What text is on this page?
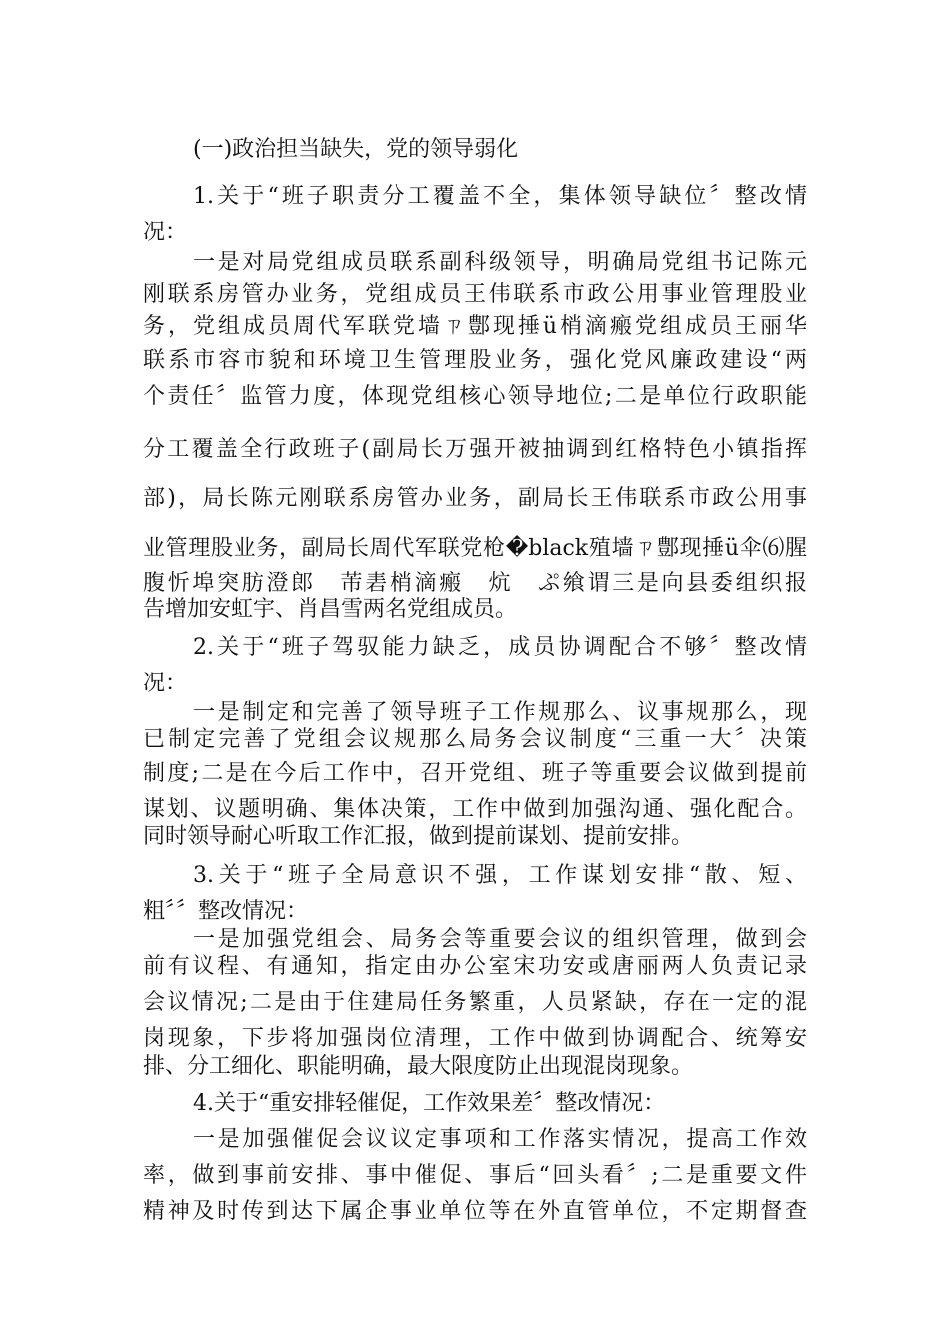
(一)政治担当缺失，党的领导弱化
1.关于“班子职责分工覆盖不全，集体领导缺位〞整改情
况：
一是对局党组成员联系副科级领导，明确局党组书记陈元
刚联系房管办业务，党组成员王伟联系市政公用事业管理股业
务，党组成员周代军联党墙ㄗ鄷现捶ü梢滴瘢党组成员王丽华
联系市容市貌和环境卫生管理股业务，强化党风廉政建设“两
个责任〞监管力度，体现党组核心领导地位;二是单位行政职能
分工覆盖全行政班子(副局长万强开被抽调到红格特色小镇指挥
部)，局长陈元刚联系房管办业务，副局长王伟联系市政公用事
业管理股业务，副局长周代军联党枪�black殖墙ㄗ鄷现捶ü伞⑹腥
腹忻埠突肪澄郎　芾砉梢滴瘢　炕　ぷ飨谓三是向县委组织报
告增加安虹宇、肖昌雪两名党组成员。
2.关于“班子驾驭能力缺乏，成员协调配合不够〞整改情
况：
一是制定和完善了领导班子工作规那么、议事规那么，现
已制定完善了党组会议规那么局务会议制度“三重一大〞决策
制度;二是在今后工作中，召开党组、班子等重要会议做到提前
谋划、议题明确、集体决策，工作中做到加强沟通、强化配合。
同时领导耐心听取工作汇报，做到提前谋划、提前安排。
3.关于“班子全局意识不强，工作谋划安排“散、短、
粗〞〞整改情况：
一是加强党组会、局务会等重要会议的组织管理，做到会
前有议程、有通知，指定由办公室宋功安或唐丽两人负责记录
会议情况;二是由于住建局任务繁重，人员紧缺，存在一定的混
岗现象，下步将加强岗位清理，工作中做到协调配合、统筹安
排、分工细化、职能明确，最大限度防止出现混岗现象。
4.关于“重安排轻催促，工作效果差〞整改情况：
一是加强催促会议议定事项和工作落实情况，提高工作效
率，做到事前安排、事中催促、事后“回头看〞;二是重要文件
精神及时传到达下属企事业单位等在外直管单位，不定期督查
